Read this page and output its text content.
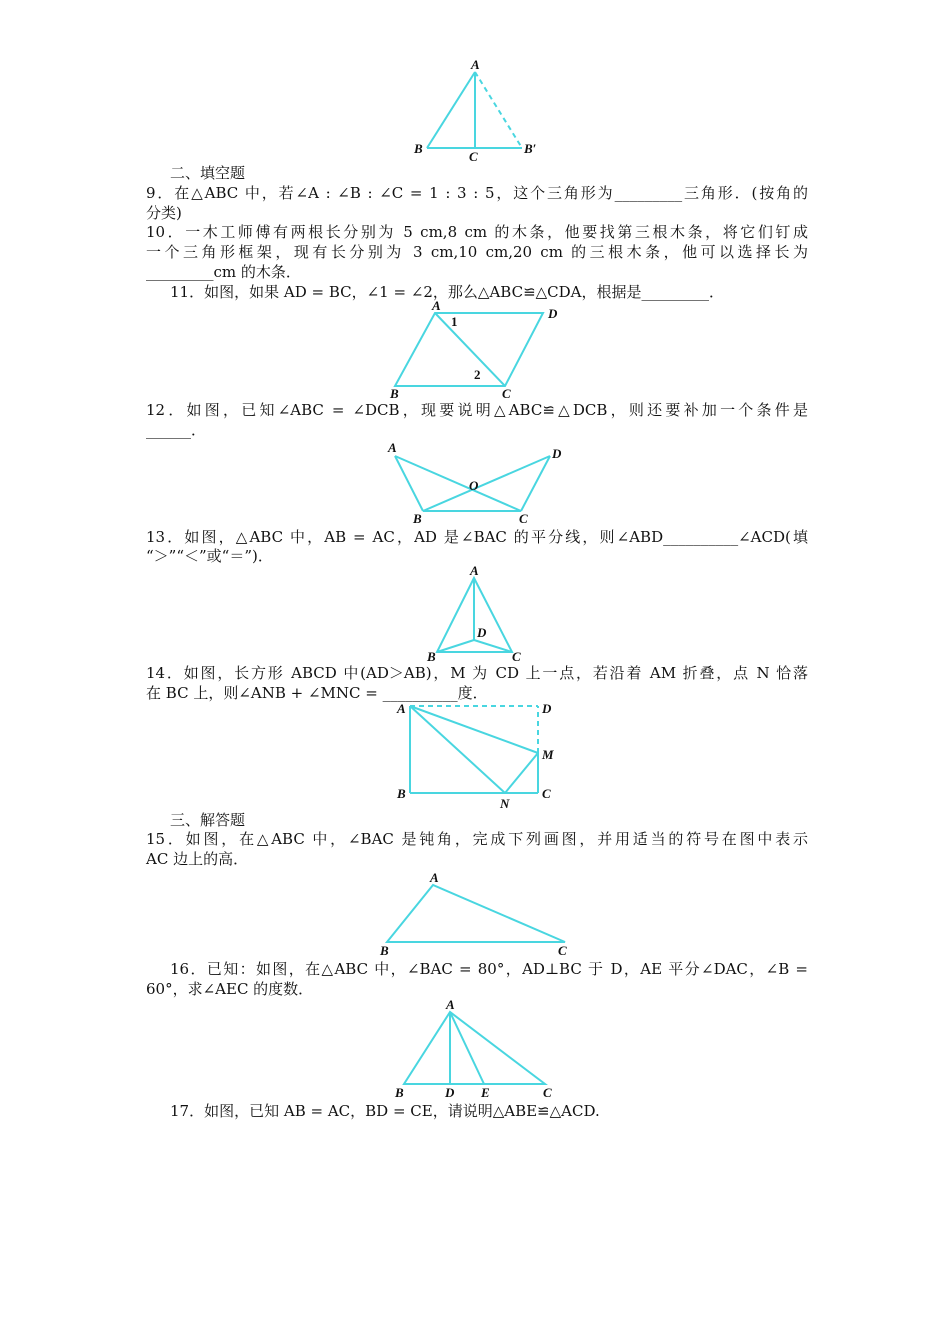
A
B
C
B′
二、填空题
9．在△ABC 中，若∠A : ∠B : ∠C = 1 : 3 : 5，这个三角形为_________三角形．(按角的
分类)
10．一木工师傅有两根长分别为 5 cm,8 cm 的木条，他要找第三根木条，将它们钉成
一个三角形框架，现有长分别为 3 cm,10 cm,20 cm 的三根木条，他可以选择长为
_________cm 的木条．
11．如图，如果 AD = BC，∠1 = ∠2，那么△ABC≌△CDA，根据是_________．
A
D
B	C
1
2
12．如图，已知∠ABC = ∠DCB，现要说明△ABC≌△DCB，则还要补加一个条件是
______．
A	D
O
B	C
13．如图，△ABC 中，AB = AC，AD 是∠BAC 的平分线，则∠ABD__________∠ACD(填
“＞”“＜”或“＝”)．
A
D
B	C
14．如图，长方形 ABCD 中(AD＞AB)，M 为 CD 上一点，若沿着 AM 折叠，点 N 恰落
在 BC 上，则∠ANB + ∠MNC = __________度．
A	D
M
B
N
C
三、解答题
15．如图，在△ABC 中，∠BAC 是钝角，完成下列画图，并用适当的符号在图中表示
AC 边上的高．
A
B	C
16．已知：如图，在△ABC 中，∠BAC = 80°，AD⊥BC 于 D，AE 平分∠DAC，∠B =
60°，求∠AEC 的度数．
A
B	D E	C
17．如图，已知 AB = AC，BD = CE，请说明△ABE≌△ACD.
